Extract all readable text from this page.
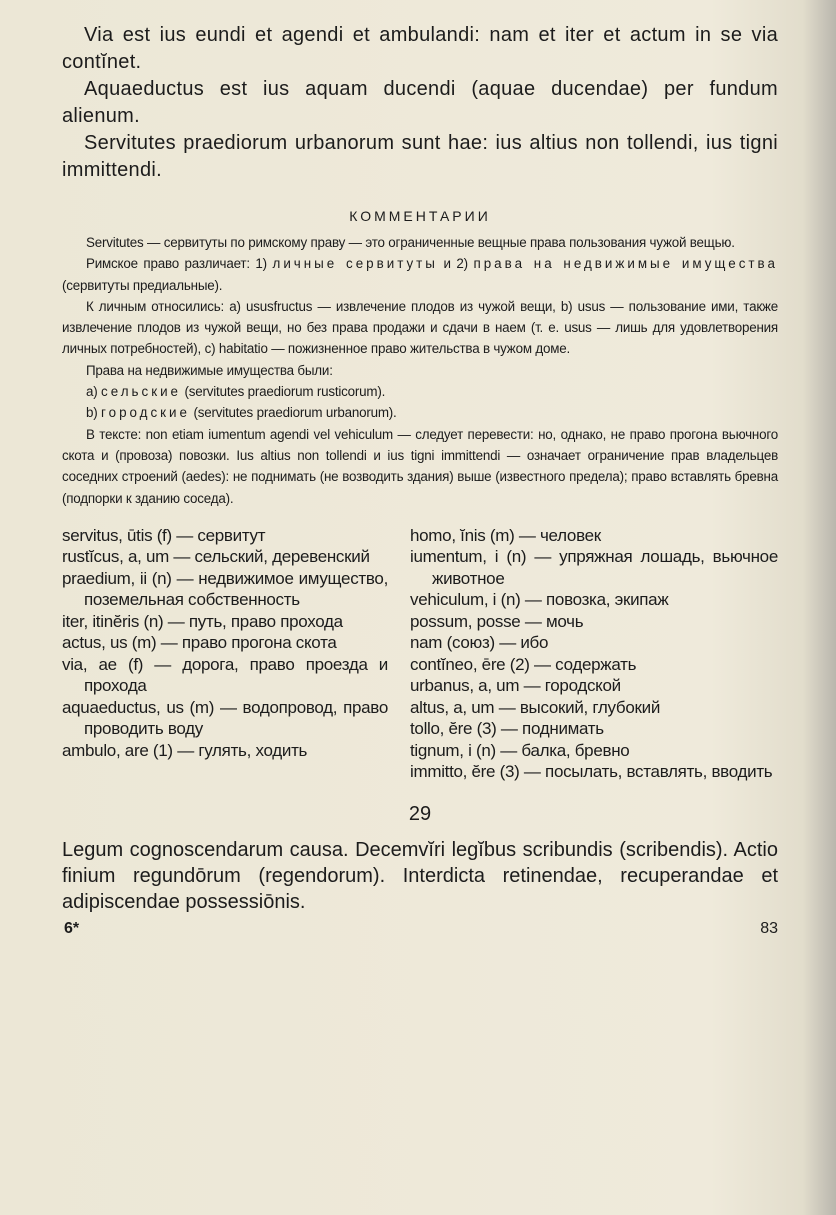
Via est ius eundi et agendi et ambulandi: nam et iter et actum in se via contĭnet.

Aquaeductus est ius aquam ducendi (aquae ducendae) per fundum alienum.

Servitutes praediorum urbanorum sunt hae: ius altius non tollendi, ius tigni immittendi.

КОММЕНТАРИИ

Servitutes — сервитуты по римскому праву — это ограниченные вещные права пользования чужой вещью.

Римское право различает: 1) личные сервитуты и 2) права на недвижимые имущества (сервитуты предиальные).

К личным относились: a) ususfructus — извлечение плодов из чужой вещи, b) usus — пользование ими, также извлечение плодов из чужой вещи, но без права продажи и сдачи в наем (т. е. usus — лишь для удовлетворения личных потребностей), c) habitatio — пожизненное право жительства в чужом доме.

Права на недвижимые имущества были:

a) сельские (servitutes praediorum rusticorum).

b) городские (servitutes praediorum urbanorum).

В тексте: non etiam iumentum agendi vel vehiculum — следует перевести: но, однако, не право прогона вьючного скота и (провоза) повозки. Ius altius non tollendi и ius tigni immittendi — означает ограничение прав владельцев соседних строений (aedes): не поднимать (не возводить здания) выше (известного предела); право вставлять бревна (подпорки к зданию соседа).

servitus, ūtis (f) — сервитут
rustĭcus, a, um — сельский, деревенский
praedium, ii (n) — недвижимое имущество, поземельная собственность
iter, itinĕris (n) — путь, право прохода
actus, us (m) — право прогона скота
via, ae (f) — дорога, право проезда и прохода
aquaeductus, us (m) — водопровод, право проводить воду
ambulo, are (1) — гулять, ходить
homo, ĭnis (m) — человек
iumentum, i (n) — упряжная лошадь, вьючное животное
vehiculum, i (n) — повозка, экипаж
possum, posse — мочь
nam (союз) — ибо
contĭneo, ēre (2) — содержать
urbanus, a, um — городской
altus, a, um — высокий, глубокий
tollo, ĕre (3) — поднимать
tignum, i (n) — балка, бревно
immitto, ĕre (3) — посылать, вставлять, вводить
29
Legum cognoscendarum causa. Decemvĭri legĭbus scribundis (scribendis). Actio finium regundōrum (regendorum). Interdicta retinendae, recuperandae et adipiscendae possessiōnis.
6*	83
